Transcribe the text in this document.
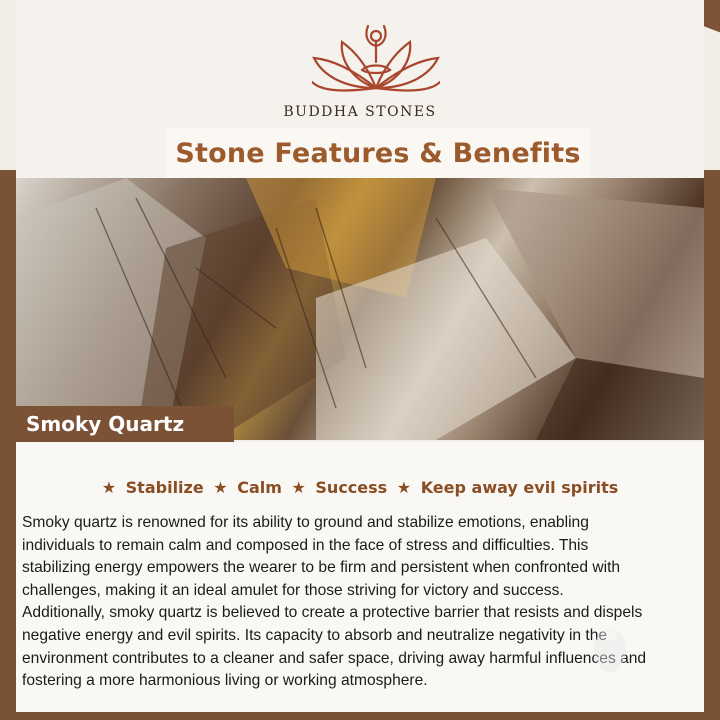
BUDDHA STONES
Stone Features & Benefits
Smoky Quartz
★ Stabilize ★ Calm ★ Success ★ Keep away evil spirits
Smoky quartz is renowned for its ability to ground and stabilize emotions, enabling
individuals to remain calm and composed in the face of stress and difficulties. This
stabilizing energy empowers the wearer to be firm and persistent when confronted with
challenges, making it an ideal amulet for those striving for victory and success.
Additionally, smoky quartz is believed to create a protective barrier that resists and dispels
negative energy and evil spirits. Its capacity to absorb and neutralize negativity in the
environment contributes to a cleaner and safer space, driving away harmful influences and
fostering a more harmonious living or working atmosphere.
